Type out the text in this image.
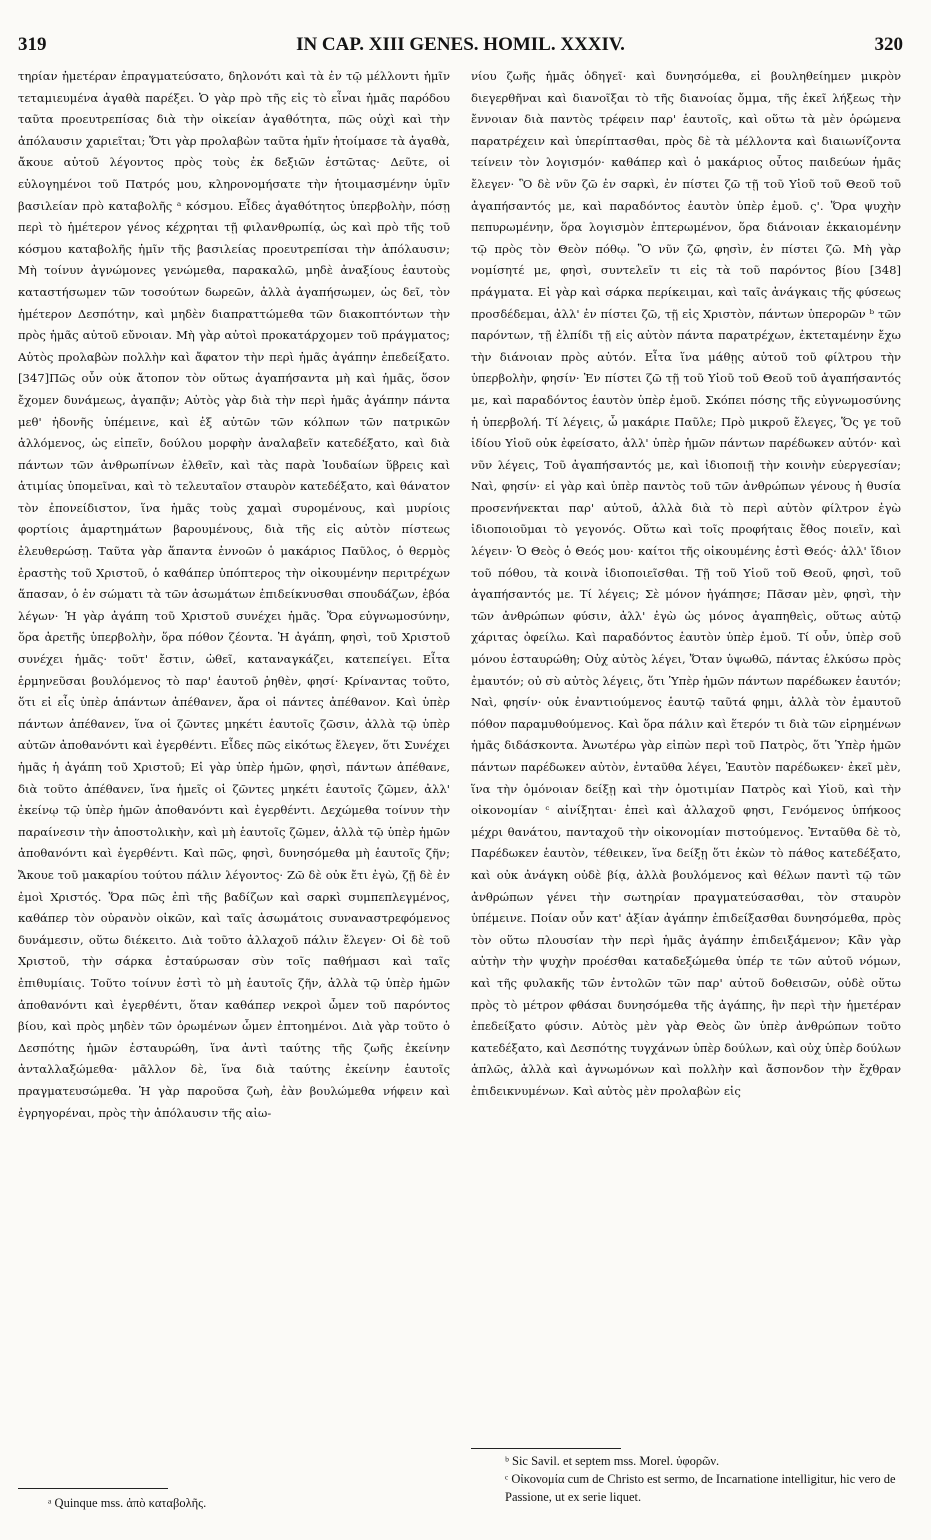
319	IN CAP. XIII GENES. HOMIL. XXXIV.	320

τηρίαν ἡμετέραν ἐπραγματεύσατο, δηλονότι καὶ τὰ ἐν τῷ μέλλοντι ἡμῖν τεταμιευμένα ἀγαθὰ παρέξει. Ὁ γὰρ πρὸ τῆς εἰς τὸ εἶναι ἡμᾶς παρόδου ταῦτα προευτρεπίσας διὰ τὴν οἰκείαν ἀγαθότητα, πῶς οὐχὶ καὶ τὴν ἀπόλαυσιν χαριεῖται; Ὅτι γὰρ προλαβὼν ταῦτα ἡμῖν ἡτοίμασε τὰ ἀγαθὰ, ἄκουε αὐτοῦ λέγοντος πρὸς τοὺς ἐκ δεξιῶν ἑστῶτας· Δεῦτε, οἱ εὐλογημένοι τοῦ Πατρός μου, κληρονομήσατε τὴν ἡτοιμασμένην ὑμῖν βασιλείαν πρὸ καταβολῆς ᵃ κόσμου. Εἶδες ἀγαθότητος ὑπερβολὴν, πόσῃ περὶ τὸ ἡμέτερον γένος κέχρηται τῇ φιλανθρωπίᾳ, ὡς καὶ πρὸ τῆς τοῦ κόσμου καταβολῆς ἡμῖν τῆς βασιλείας προευτρεπίσαι τὴν ἀπόλαυσιν; Μὴ τοίνυν ἀγνώμονες γενώμεθα, παρακαλῶ, μηδὲ ἀναξίους ἑαυτοὺς καταστήσωμεν τῶν τοσούτων δωρεῶν, ἀλλὰ ἀγαπήσωμεν, ὡς δεῖ, τὸν ἡμέτερον Δεσπότην, καὶ μηδὲν διαπραττώμεθα τῶν διακοπτόντων τὴν πρὸς ἡμᾶς αὐτοῦ εὔνοιαν. Μὴ γὰρ αὐτοὶ προκατάρχομεν τοῦ πράγματος; Αὐτὸς προλαβὼν πολλὴν καὶ ἄφατον τὴν περὶ ἡμᾶς ἀγάπην ἐπεδείξατο. [347]Πῶς οὖν οὐκ ἄτοπον τὸν οὕτως ἀγαπήσαντα μὴ καὶ ἡμᾶς, ὅσον ἔχομεν δυνάμεως, ἀγαπᾷν; Αὐτὸς γὰρ διὰ τὴν περὶ ἡμᾶς ἀγάπην πάντα μεθ' ἡδονῆς ὑπέμεινε, καὶ ἐξ αὐτῶν τῶν κόλπων τῶν πατρικῶν ἀλλόμενος, ὡς εἰπεῖν, δούλου μορφὴν ἀναλαβεῖν κατεδέξατο, καὶ διὰ πάντων τῶν ἀνθρωπίνων ἐλθεῖν, καὶ τὰς παρὰ Ἰουδαίων ὕβρεις καὶ ἀτιμίας ὑπομεῖναι, καὶ τὸ τελευταῖον σταυρὸν κατεδέξατο, καὶ θάνατον τὸν ἐπονείδιστον, ἵνα ἡμᾶς τοὺς χαμαὶ συρομένους, καὶ μυρίοις φορτίοις ἁμαρτημάτων βαρουμένους, διὰ τῆς εἰς αὐτὸν πίστεως ἐλευθερώσῃ. Ταῦτα γὰρ ἅπαντα ἐννοῶν ὁ μακάριος Παῦλος, ὁ θερμὸς ἐραστὴς τοῦ Χριστοῦ, ὁ καθάπερ ὑπόπτερος τὴν οἰκουμένην περιτρέχων ἅπασαν, ὁ ἐν σώματι τὰ τῶν ἀσωμάτων ἐπιδείκνυσθαι σπουδάζων, ἐβόα λέγων· Ἡ γὰρ ἀγάπη τοῦ Χριστοῦ συνέχει ἡμᾶς. Ὅρα εὐγνωμοσύνην, ὅρα ἀρετῆς ὑπερβολὴν, ὅρα πόθον ζέοντα. Ἡ ἀγάπη, φησὶ, τοῦ Χριστοῦ συνέχει ἡμᾶς· τοῦτ' ἔστιν, ὠθεῖ, καταναγκάζει, κατεπείγει. Εἶτα ἑρμηνεῦσαι βουλόμενος τὸ παρ' ἑαυτοῦ ῥηθὲν, φησί· Κρίναντας τοῦτο, ὅτι εἰ εἷς ὑπὲρ ἁπάντων ἀπέθανεν, ἄρα οἱ πάντες ἀπέθανον. Καὶ ὑπὲρ πάντων ἀπέθανεν, ἵνα οἱ ζῶντες μηκέτι ἑαυτοῖς ζῶσιν, ἀλλὰ τῷ ὑπὲρ αὐτῶν ἀποθανόντι καὶ ἐγερθέντι. Εἶδες πῶς εἰκότως ἔλεγεν, ὅτι Συνέχει ἡμᾶς ἡ ἀγάπη τοῦ Χριστοῦ; Εἰ γὰρ ὑπὲρ ἡμῶν, φησὶ, πάντων ἀπέθανε, διὰ τοῦτο ἀπέθανεν, ἵνα ἡμεῖς οἱ ζῶντες μηκέτι ἑαυτοῖς ζῶμεν, ἀλλ' ἐκείνῳ τῷ ὑπὲρ ἡμῶν ἀποθανόντι καὶ ἐγερθέντι. Δεχώμεθα τοίνυν τὴν παραίνεσιν τὴν ἀποστολικὴν, καὶ μὴ ἑαυτοῖς ζῶμεν, ἀλλὰ τῷ ὑπὲρ ἡμῶν ἀποθανόντι καὶ ἐγερθέντι. Καὶ πῶς, φησὶ, δυνησόμεθα μὴ ἑαυτοῖς ζῆν; Ἄκουε τοῦ μακαρίου τούτου πάλιν λέγοντος· Ζῶ δὲ οὐκ ἔτι ἐγὼ, ζῇ δὲ ἐν ἐμοὶ Χριστός. Ὅρα πῶς ἐπὶ τῆς βαδίζων καὶ σαρκὶ συμπεπλεγμένος, καθάπερ τὸν οὐρανὸν οἰκῶν, καὶ ταῖς ἀσωμάτοις συναναστρεφόμενος δυνάμεσιν, οὕτω διέκειτο. Διὰ τοῦτο ἀλλαχοῦ πάλιν ἔλεγεν· Οἱ δὲ τοῦ Χριστοῦ, τὴν σάρκα ἐσταύρωσαν σὺν τοῖς παθήμασι καὶ ταῖς ἐπιθυμίαις. Τοῦτο τοίνυν ἐστὶ τὸ μὴ ἑαυτοῖς ζῆν, ἀλλὰ τῷ ὑπὲρ ἡμῶν ἀποθανόντι καὶ ἐγερθέντι, ὅταν καθάπερ νεκροὶ ὦμεν τοῦ παρόντος βίου, καὶ πρὸς μηδὲν τῶν ὁρωμένων ὦμεν ἐπτοημένοι. Διὰ γὰρ τοῦτο ὁ Δεσπότης ἡμῶν ἐσταυρώθη, ἵνα ἀντὶ ταύτης τῆς ζωῆς ἐκείνην ἀνταλλαξώμεθα· μᾶλλον δὲ, ἵνα διὰ ταύτης ἐκείνην ἑαυτοῖς πραγματευσώμεθα. Ἡ γὰρ παροῦσα ζωὴ, ἐὰν βουλώμεθα νήφειν καὶ ἐγρηγορέναι, πρὸς τὴν ἀπόλαυσιν τῆς αἰω-

νίου ζωῆς ἡμᾶς ὁδηγεῖ· καὶ δυνησόμεθα, εἰ βουληθείημεν μικρὸν διεγερθῆναι καὶ διανοῖξαι τὸ τῆς διανοίας ὄμμα, τῆς ἐκεῖ λήξεως τὴν ἔννοιαν διὰ παντὸς τρέφειν παρ' ἑαυτοῖς, καὶ οὕτω τὰ μὲν ὁρώμενα παρατρέχειν καὶ ὑπερίπτασθαι, πρὸς δὲ τὰ μέλλοντα καὶ διαιωνίζοντα τείνειν τὸν λογισμόν· καθάπερ καὶ ὁ μακάριος οὗτος παιδεύων ἡμᾶς ἔλεγεν· Ὃ δὲ νῦν ζῶ ἐν σαρκὶ, ἐν πίστει ζῶ τῇ τοῦ Υἱοῦ τοῦ Θεοῦ τοῦ ἀγαπήσαντός με, καὶ παραδόντος ἑαυτὸν ὑπὲρ ἐμοῦ. ς'. Ὅρα ψυχὴν πεπυρωμένην, ὅρα λογισμὸν ἐπτερωμένον, ὅρα διάνοιαν ἐκκαιομένην τῷ πρὸς τὸν Θεὸν πόθῳ. Ὃ νῦν ζῶ, φησὶν, ἐν πίστει ζῶ. Μὴ γὰρ νομίσητέ με, φησὶ, συντελεῖν τι εἰς τὰ τοῦ παρόντος βίου [348] πράγματα. Εἰ γὰρ καὶ σάρκα περίκειμαι, καὶ ταῖς ἀνάγκαις τῆς φύσεως προσδέδεμαι, ἀλλ' ἐν πίστει ζῶ, τῇ εἰς Χριστὸν, πάντων ὑπερορῶν ᵇ τῶν παρόντων, τῇ ἐλπίδι τῇ εἰς αὐτὸν πάντα παρατρέχων, ἐκτεταμένην ἔχω τὴν διάνοιαν πρὸς αὐτόν. Εἶτα ἵνα μάθῃς αὐτοῦ τοῦ φίλτρου τὴν ὑπερβολὴν, φησίν· Ἐν πίστει ζῶ τῇ τοῦ Υἱοῦ τοῦ Θεοῦ τοῦ ἀγαπήσαντός με, καὶ παραδόντος ἑαυτὸν ὑπὲρ ἐμοῦ. Σκόπει πόσης τῆς εὐγνωμοσύνης ἡ ὑπερβολή. Τί λέγεις, ὦ μακάριε Παῦλε; Πρὸ μικροῦ ἔλεγες, Ὅς γε τοῦ ἰδίου Υἱοῦ οὐκ ἐφείσατο, ἀλλ' ὑπὲρ ἡμῶν πάντων παρέδωκεν αὐτόν· καὶ νῦν λέγεις, Τοῦ ἀγαπήσαντός με, καὶ ἰδιοποιῇ τὴν κοινὴν εὐεργεσίαν; Ναὶ, φησίν· εἰ γὰρ καὶ ὑπὲρ παντὸς τοῦ τῶν ἀνθρώπων γένους ἡ θυσία προσενήνεκται παρ' αὐτοῦ, ἀλλὰ διὰ τὸ περὶ αὐτὸν φίλτρον ἐγὼ ἰδιοποιοῦμαι τὸ γεγονός. Οὕτω καὶ τοῖς προφήταις ἔθος ποιεῖν, καὶ λέγειν· Ὁ Θεὸς ὁ Θεός μου· καίτοι τῆς οἰκουμένης ἐστὶ Θεός· ἀλλ' ἴδιον τοῦ πόθου, τὰ κοινὰ ἰδιοποιεῖσθαι. Τῇ τοῦ Υἱοῦ τοῦ Θεοῦ, φησὶ, τοῦ ἀγαπήσαντός με. Τί λέγεις; Σὲ μόνον ἠγάπησε; Πᾶσαν μὲν, φησὶ, τὴν τῶν ἀνθρώπων φύσιν, ἀλλ' ἐγὼ ὡς μόνος ἀγαπηθεὶς, οὕτως αὐτῷ χάριτας ὀφείλω. Καὶ παραδόντος ἑαυτὸν ὑπὲρ ἐμοῦ. Τί οὖν, ὑπὲρ σοῦ μόνου ἐσταυρώθη; Οὐχ αὐτὸς λέγει, Ὅταν ὑψωθῶ, πάντας ἑλκύσω πρὸς ἐμαυτόν; οὐ σὺ αὐτὸς λέγεις, ὅτι Ὑπὲρ ἡμῶν πάντων παρέδωκεν ἑαυτόν; Ναὶ, φησίν· οὐκ ἐναντιούμενος ἑαυτῷ ταῦτά φημι, ἀλλὰ τὸν ἐμαυτοῦ πόθον παραμυθούμενος. Καὶ ὅρα πάλιν καὶ ἕτερόν τι διὰ τῶν εἰρημένων ἡμᾶς διδάσκοντα. Ἀνωτέρω γὰρ εἰπὼν περὶ τοῦ Πατρὸς, ὅτι Ὑπὲρ ἡμῶν πάντων παρέδωκεν αὐτὸν, ἐνταῦθα λέγει, Ἑαυτὸν παρέδωκεν· ἐκεῖ μὲν, ἵνα τὴν ὁμόνοιαν δείξῃ καὶ τὴν ὁμοτιμίαν Πατρὸς καὶ Υἱοῦ, καὶ τὴν οἰκονομίαν ᶜ αἰνίξηται· ἐπεὶ καὶ ἀλλαχοῦ φησι, Γενόμενος ὑπήκοος μέχρι θανάτου, πανταχοῦ τὴν οἰκονομίαν πιστούμενος. Ἐνταῦθα δὲ τὸ, Παρέδωκεν ἑαυτὸν, τέθεικεν, ἵνα δείξῃ ὅτι ἑκὼν τὸ πάθος κατεδέξατο, καὶ οὐκ ἀνάγκη οὐδὲ βίᾳ, ἀλλὰ βουλόμενος καὶ θέλων παντὶ τῷ τῶν ἀνθρώπων γένει τὴν σωτηρίαν πραγματεύσασθαι, τὸν σταυρὸν ὑπέμεινε. Ποίαν οὖν κατ' ἀξίαν ἀγάπην ἐπιδείξασθαι δυνησόμεθα, πρὸς τὸν οὕτω πλουσίαν τὴν περὶ ἡμᾶς ἀγάπην ἐπιδειξάμενον; Κἂν γὰρ αὐτὴν τὴν ψυχὴν προέσθαι καταδεξώμεθα ὑπέρ τε τῶν αὐτοῦ νόμων, καὶ τῆς φυλακῆς τῶν ἐντολῶν τῶν παρ' αὐτοῦ δοθεισῶν, οὐδὲ οὕτω πρὸς τὸ μέτρον φθάσαι δυνησόμεθα τῆς ἀγάπης, ἣν περὶ τὴν ἡμετέραν ἐπεδείξατο φύσιν. Αὐτὸς μὲν γὰρ Θεὸς ὢν ὑπὲρ ἀνθρώπων τοῦτο κατεδέξατο, καὶ Δεσπότης τυγχάνων ὑπὲρ δούλων, καὶ οὐχ ὑπὲρ δούλων ἁπλῶς, ἀλλὰ καὶ ἀγνωμόνων καὶ πολλὴν καὶ ἄσπονδον τὴν ἔχθραν ἐπιδεικνυμένων. Καὶ αὐτὸς μὲν προλαβὼν εἰς

ᵃ Quinque mss. ἀπὸ καταβολῆς.
ᵇ Sic Savil. et septem mss. Morel. ὑφορῶν.
ᶜ Οἰκονομία cum de Christo est sermo, de Incarnatione intelligitur, hic vero de Passione, ut ex serie liquet.
